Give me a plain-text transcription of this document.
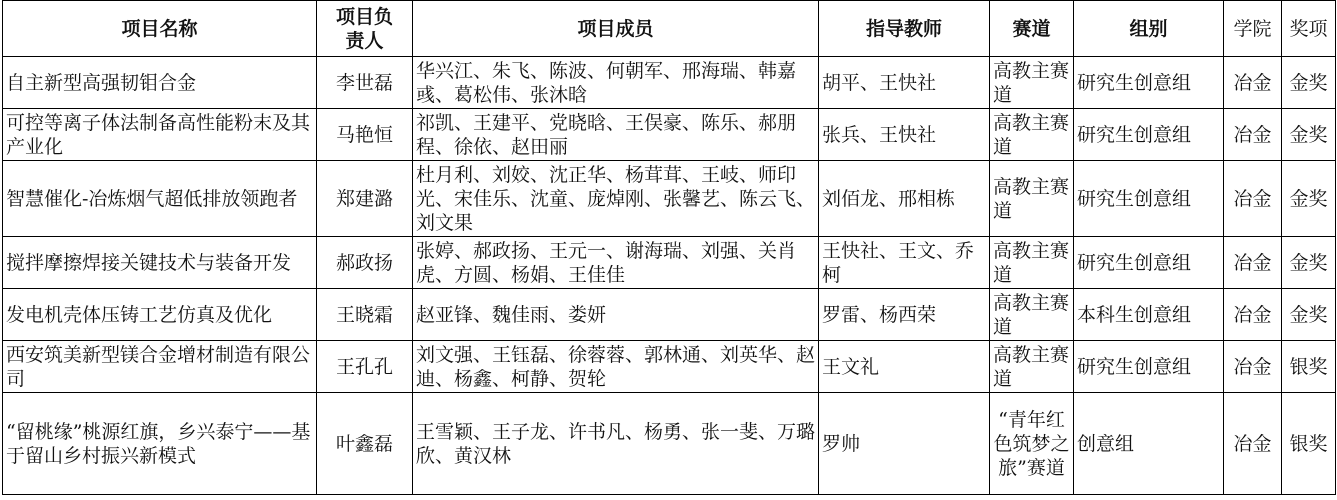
项目名称	项目负责人	项目成员	指导教师	赛道	组别	学院	奖项
自主新型高强韧钼合金	李世磊	华兴江、朱飞、陈波、何朝军、邢海瑞、韩嘉彧、葛松伟、张沐晗	胡平、王快社	高教主赛道	研究生创意组	冶金	金奖
可控等离子体法制备高性能粉末及其产业化	马艳恒	祁凯、王建平、党晓晗、王俣豪、陈乐、郝朋程、徐依、赵田丽	张兵、王快社	高教主赛道	研究生创意组	冶金	金奖
智慧催化-冶炼烟气超低排放领跑者	郑建潞	杜月利、刘姣、沈正华、杨茸茸、王岐、师印光、宋佳乐、沈童、庞焯刚、张馨艺、陈云飞、刘文果	刘佰龙、邢相栋	高教主赛道	研究生创意组	冶金	金奖
搅拌摩擦焊接关键技术与装备开发	郝政扬	张婷、郝政扬、王元一、谢海瑞、刘强、关肖虎、方圆、杨娟、王佳佳	王快社、王文、乔柯	高教主赛道	研究生创意组	冶金	金奖
发电机壳体压铸工艺仿真及优化	王晓霜	赵亚锋、魏佳雨、娄妍	罗雷、杨西荣	高教主赛道	本科生创意组	冶金	金奖
西安筑美新型镁合金增材制造有限公司	王孔孔	刘文强、王钰磊、徐蓉蓉、郭林通、刘英华、赵迪、杨鑫、柯静、贺轮	王文礼	高教主赛道	研究生创意组	冶金	银奖
“留桃缘”桃源红旗，乡兴泰宁——基于留山乡村振兴新模式	叶鑫磊	王雪颖、王子龙、许书凡、杨勇、张一斐、万璐欣、黄汉林	罗帅	“青年红色筑梦之旅”赛道	创意组	冶金	银奖
